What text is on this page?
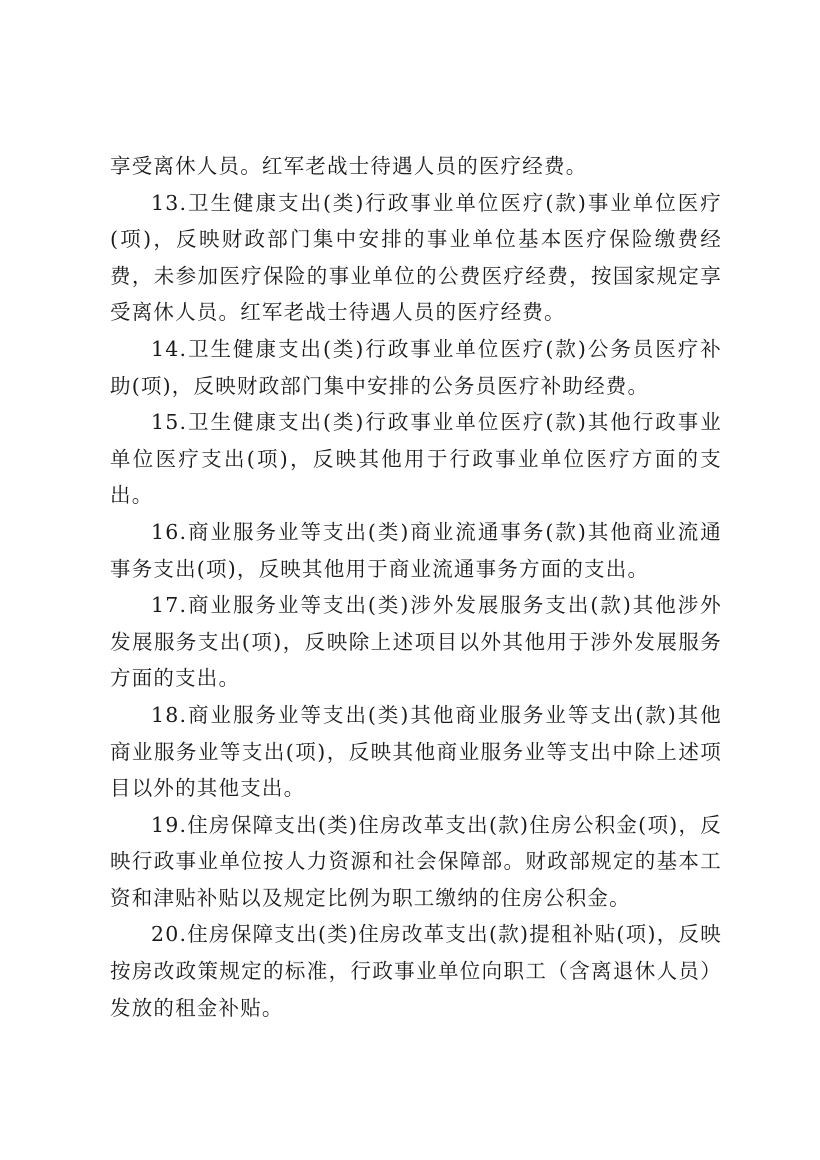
享受离休人员。红军老战士待遇人员的医疗经费。

13.卫生健康支出(类)行政事业单位医疗(款)事业单位医疗(项)，反映财政部门集中安排的事业单位基本医疗保险缴费经费，未参加医疗保险的事业单位的公费医疗经费，按国家规定享受离休人员。红军老战士待遇人员的医疗经费。

14.卫生健康支出(类)行政事业单位医疗(款)公务员医疗补助(项)，反映财政部门集中安排的公务员医疗补助经费。

15.卫生健康支出(类)行政事业单位医疗(款)其他行政事业单位医疗支出(项)，反映其他用于行政事业单位医疗方面的支出。

16.商业服务业等支出(类)商业流通事务(款)其他商业流通事务支出(项)，反映其他用于商业流通事务方面的支出。

17.商业服务业等支出(类)涉外发展服务支出(款)其他涉外发展服务支出(项)，反映除上述项目以外其他用于涉外发展服务方面的支出。

18.商业服务业等支出(类)其他商业服务业等支出(款)其他商业服务业等支出(项)，反映其他商业服务业等支出中除上述项目以外的其他支出。

19.住房保障支出(类)住房改革支出(款)住房公积金(项)，反映行政事业单位按人力资源和社会保障部。财政部规定的基本工资和津贴补贴以及规定比例为职工缴纳的住房公积金。

20.住房保障支出(类)住房改革支出(款)提租补贴(项)，反映按房改政策规定的标准，行政事业单位向职工（含离退休人员）发放的租金补贴。
